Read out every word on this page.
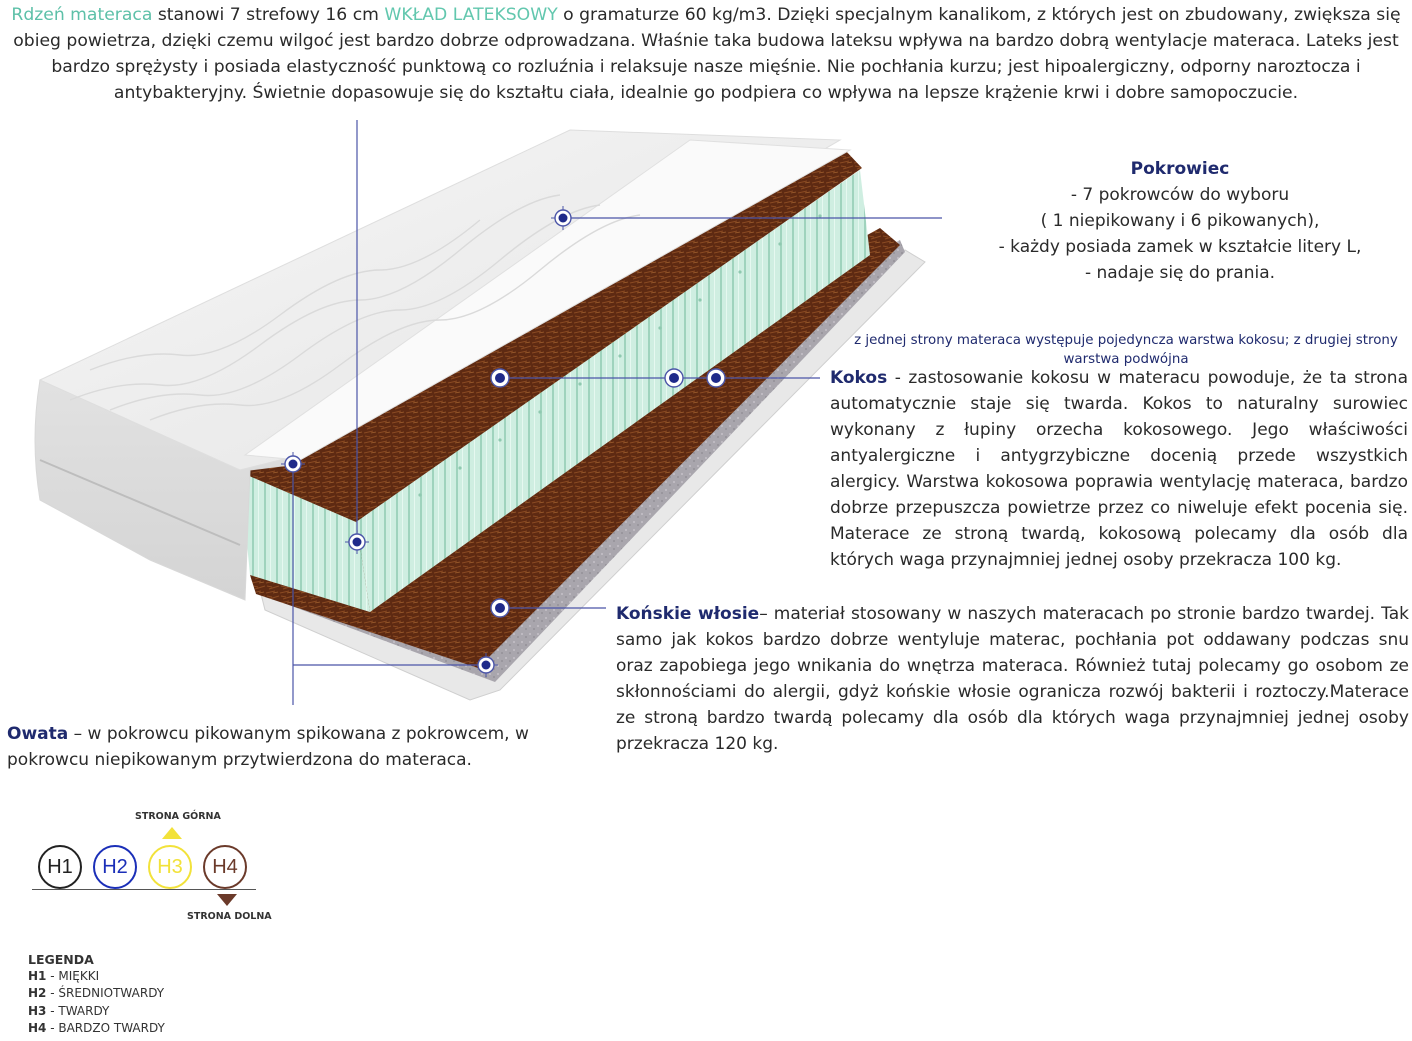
Rdzeń materaca stanowi 7 strefowy 16 cm WKŁAD LATEKSOWY o gramaturze 60 kg/m3. Dzięki specjalnym kanalikom, z których jest on zbudowany, zwiększa się obieg powietrza, dzięki czemu wilgoć jest bardzo dobrze odprowadzana. Właśnie taka budowa lateksu wpływa na bardzo dobrą wentylacje materaca. Lateks jest bardzo sprężysty i posiada elastyczność punktową co rozluźnia i relaksuje nasze mięśnie. Nie pochłania kurzu; jest hipoalergiczny, odporny naroztocza i antybakteryjny. Świetnie dopasowuje się do kształtu ciała, idealnie go podpiera co wpływa na lepsze krążenie krwi i dobre samopoczucie.
Pokrowiec
- 7 pokrowców do wyboru
( 1 niepikowany i 6 pikowanych),
- każdy posiada zamek w kształcie litery L,
- nadaje się do prania.
z jednej strony materaca występuje pojedyncza warstwa kokosu; z drugiej strony warstwa podwójna
Kokos - zastosowanie kokosu w materacu powoduje, że ta strona automatycznie staje się twarda. Kokos to naturalny surowiec wykonany z łupiny orzecha kokosowego. Jego właściwości antyalergiczne i antygrzybiczne docenią przede wszystkich alergicy. Warstwa kokosowa poprawia wentylację materaca, bardzo dobrze przepuszcza powietrze przez co niweluje efekt pocenia się. Materace ze stroną twardą, kokosową polecamy dla osób dla których waga przynajmniej jednej osoby przekracza 100 kg.
Końskie włosie– materiał stosowany w naszych materacach po stronie bardzo twardej. Tak samo jak kokos bardzo dobrze wentyluje materac, pochłania pot oddawany podczas snu oraz zapobiega jego wnikania do wnętrza materaca. Również tutaj polecamy go osobom ze skłonnościami do alergii, gdyż końskie włosie ogranicza rozwój bakterii i roztoczy.Materace ze stroną bardzo twardą polecamy dla osób dla których waga przynajmniej jednej osoby przekracza 120 kg.
Owata – w pokrowcu pikowanym spikowana z pokrowcem, w pokrowcu niepikowanym przytwierdzona do materaca.
STRONA GÓRNA
H1	H2	H3	H4
STRONA DOLNA
LEGENDA
H1 - MIĘKKI
H2 - ŚREDNIOTWARDY
H3 - TWARDY
H4 - BARDZO TWARDY
